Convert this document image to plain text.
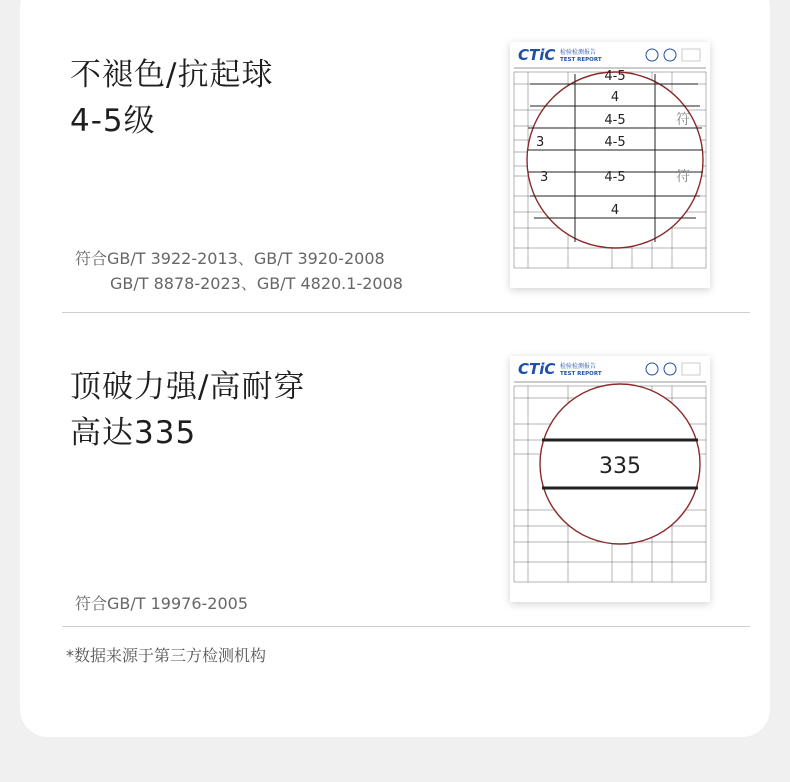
不褪色/抗起球
4-5级
符合GB/T 3922-2013、GB/T 3920-2008
GB/T 8878-2023、GB/T 4820.1-2008
CTiC 检验检测报告
TEST REPORT
4-5
4
4-5
4-5
4-5
4
3
3
符
符
顶破力强/高耐穿
高达335
符合GB/T 19976-2005
CTiC 检验检测报告
TEST REPORT
335
*数据来源于第三方检测机构
